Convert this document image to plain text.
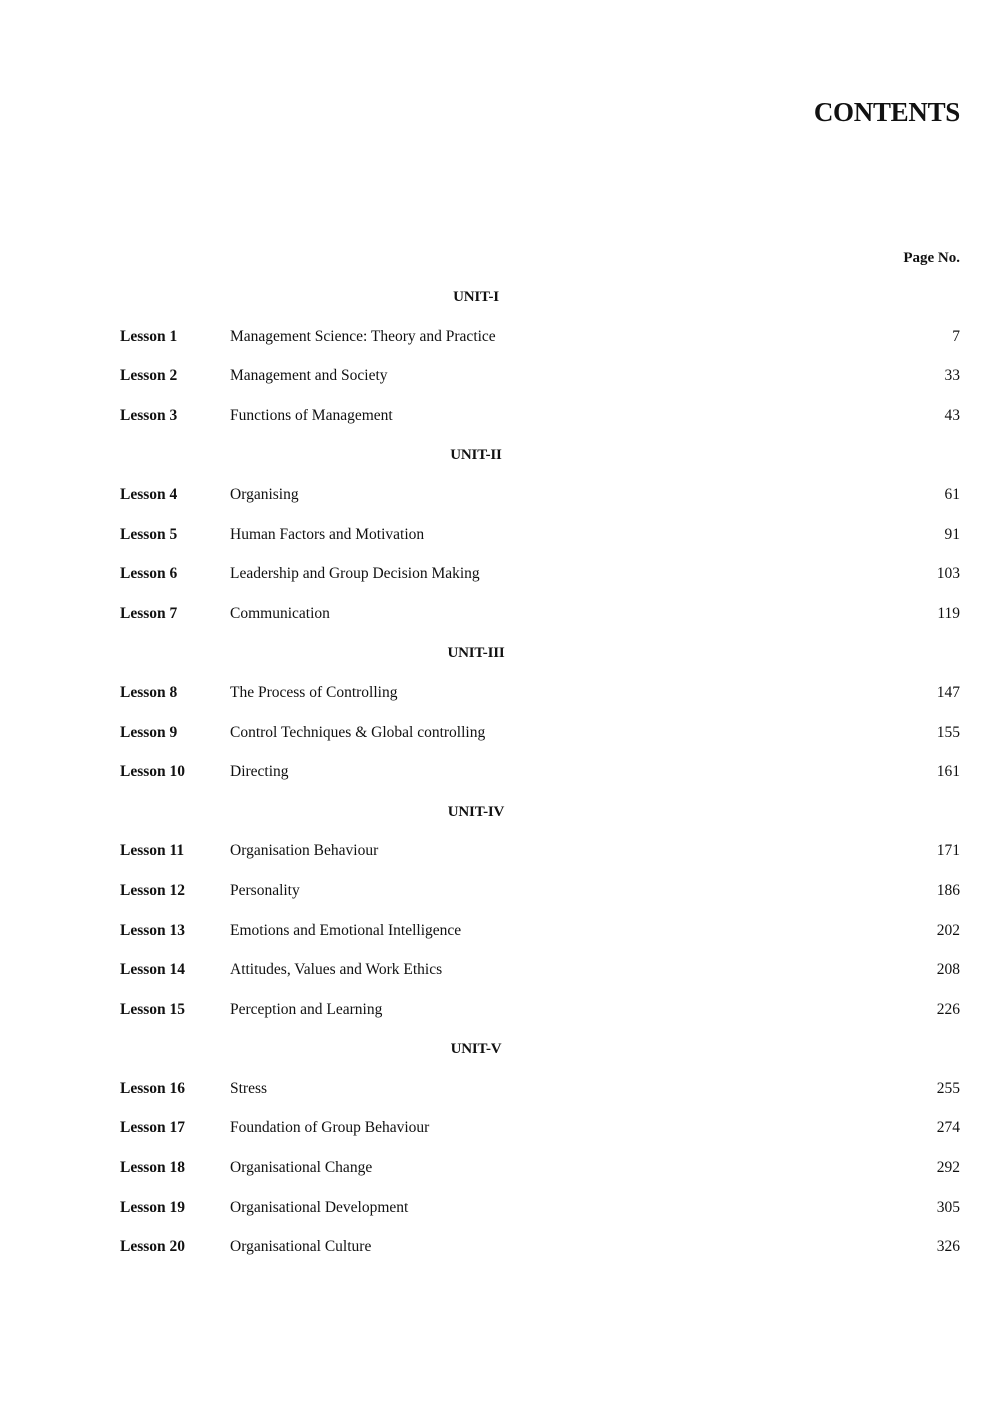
CONTENTS
Page No.
UNIT-I
Lesson 1	Management Science: Theory and Practice	7
Lesson 2	Management and Society	33
Lesson 3	Functions of Management	43
UNIT-II
Lesson 4	Organising	61
Lesson 5	Human Factors and Motivation	91
Lesson 6	Leadership and Group Decision Making	103
Lesson 7	Communication	119
UNIT-III
Lesson 8	The Process of Controlling	147
Lesson 9	Control Techniques & Global controlling	155
Lesson 10	Directing	161
UNIT-IV
Lesson 11	Organisation Behaviour	171
Lesson 12	Personality	186
Lesson 13	Emotions and Emotional Intelligence	202
Lesson 14	Attitudes, Values and Work Ethics	208
Lesson 15	Perception and Learning	226
UNIT-V
Lesson 16	Stress	255
Lesson 17	Foundation of Group Behaviour	274
Lesson 18	Organisational Change	292
Lesson 19	Organisational Development	305
Lesson 20	Organisational Culture	326
